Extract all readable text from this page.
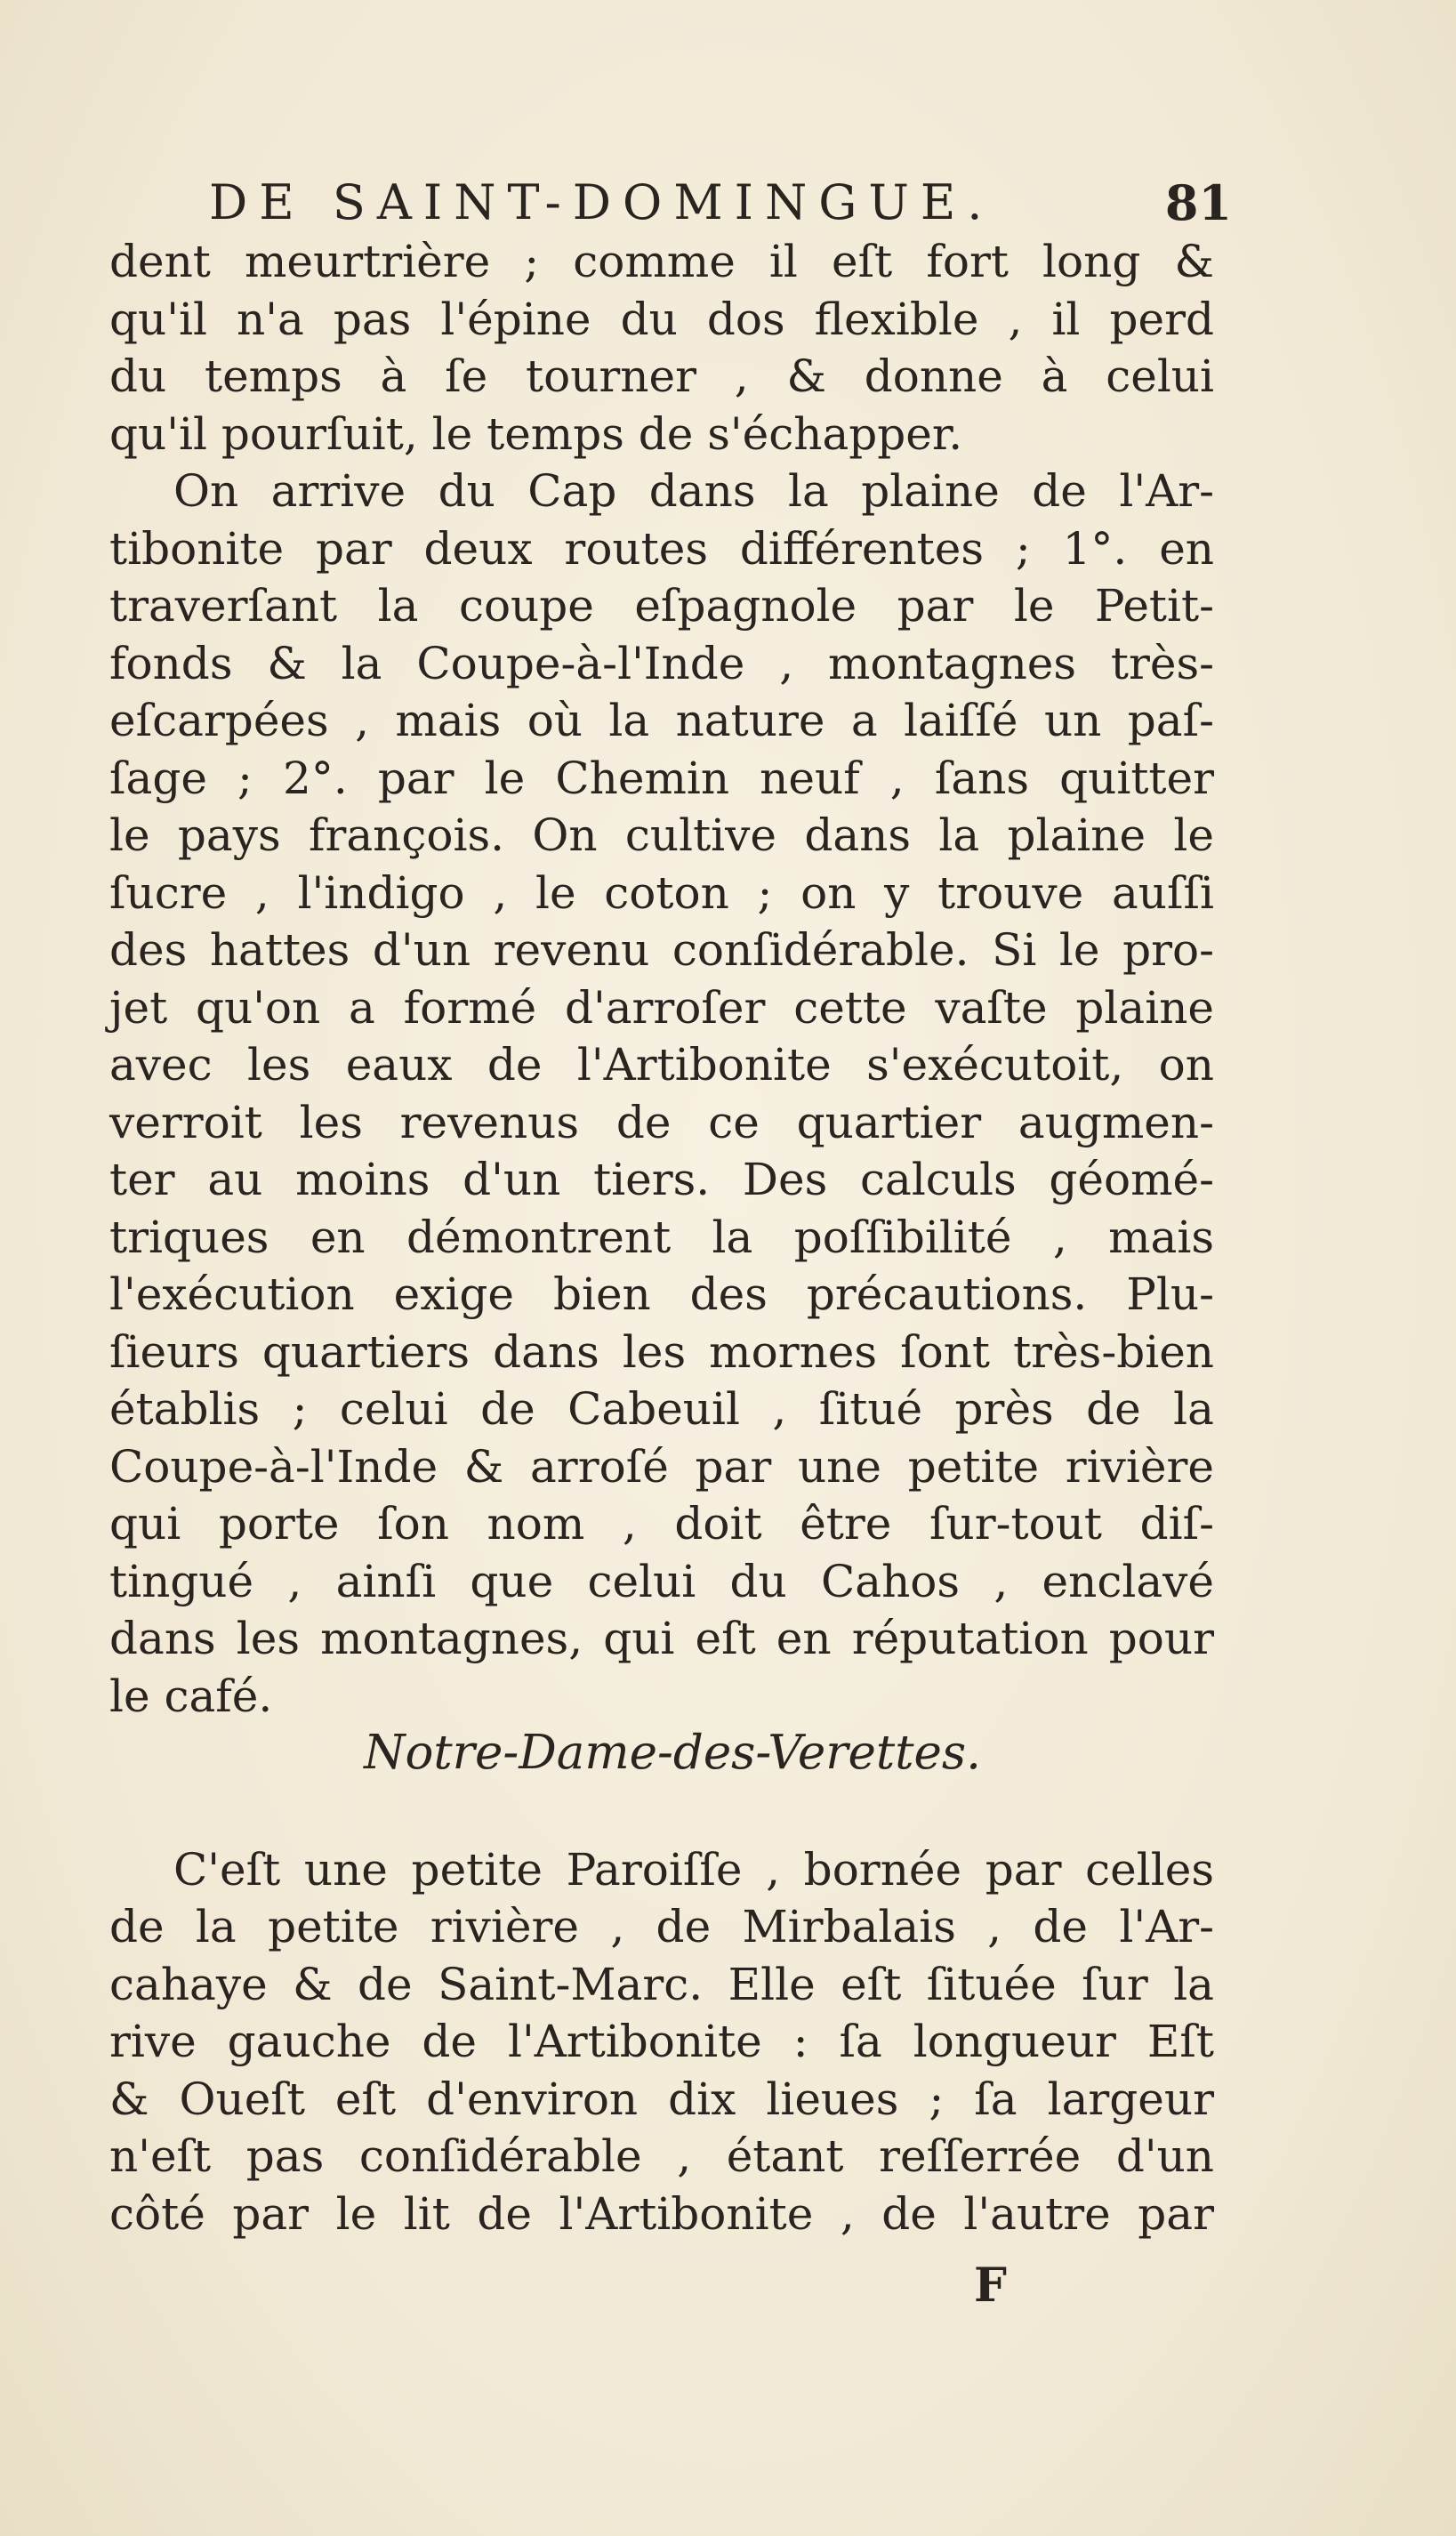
DE SAINT-DOMINGUE.	81
dent meurtrière ; comme il eſt fort long &
qu'il n'a pas l'épine du dos flexible , il perd
du temps à ſe tourner , & donne à celui
qu'il pourſuit, le temps de s'échapper.
On arrive du Cap dans la plaine de l'Ar-
tibonite par deux routes différentes ; 1°. en
traverſant la coupe eſpagnole par le Petit-
fonds & la Coupe-à-l'Inde , montagnes très-
eſcarpées , mais où la nature a laiſſé un paſ-
ſage ; 2°. par le Chemin neuf , ſans quitter
le pays françois. On cultive dans la plaine le
ſucre , l'indigo , le coton ; on y trouve auſſi
des hattes d'un revenu conſidérable. Si le pro-
jet qu'on a formé d'arroſer cette vaſte plaine
avec les eaux de l'Artibonite s'exécutoit, on
verroit les revenus de ce quartier augmen-
ter au moins d'un tiers. Des calculs géomé-
triques en démontrent la poſſibilité , mais
l'exécution exige bien des précautions. Plu-
ſieurs quartiers dans les mornes ſont très-bien
établis ; celui de Cabeuil , ſitué près de la
Coupe-à-l'Inde & arroſé par une petite rivière
qui porte ſon nom , doit être ſur-tout diſ-
tingué , ainſi que celui du Cahos , enclavé
dans les montagnes, qui eſt en réputation pour
le café.
Notre-Dame-des-Verettes.
C'eſt une petite Paroiſſe , bornée par celles
de la petite rivière , de Mirbalais , de l'Ar-
cahaye & de Saint-Marc. Elle eſt ſituée ſur la
rive gauche de l'Artibonite : ſa longueur Eſt
& Oueſt eſt d'environ dix lieues ; ſa largeur
n'eſt pas conſidérable , étant reſſerrée d'un
côté par le lit de l'Artibonite , de l'autre par
F
